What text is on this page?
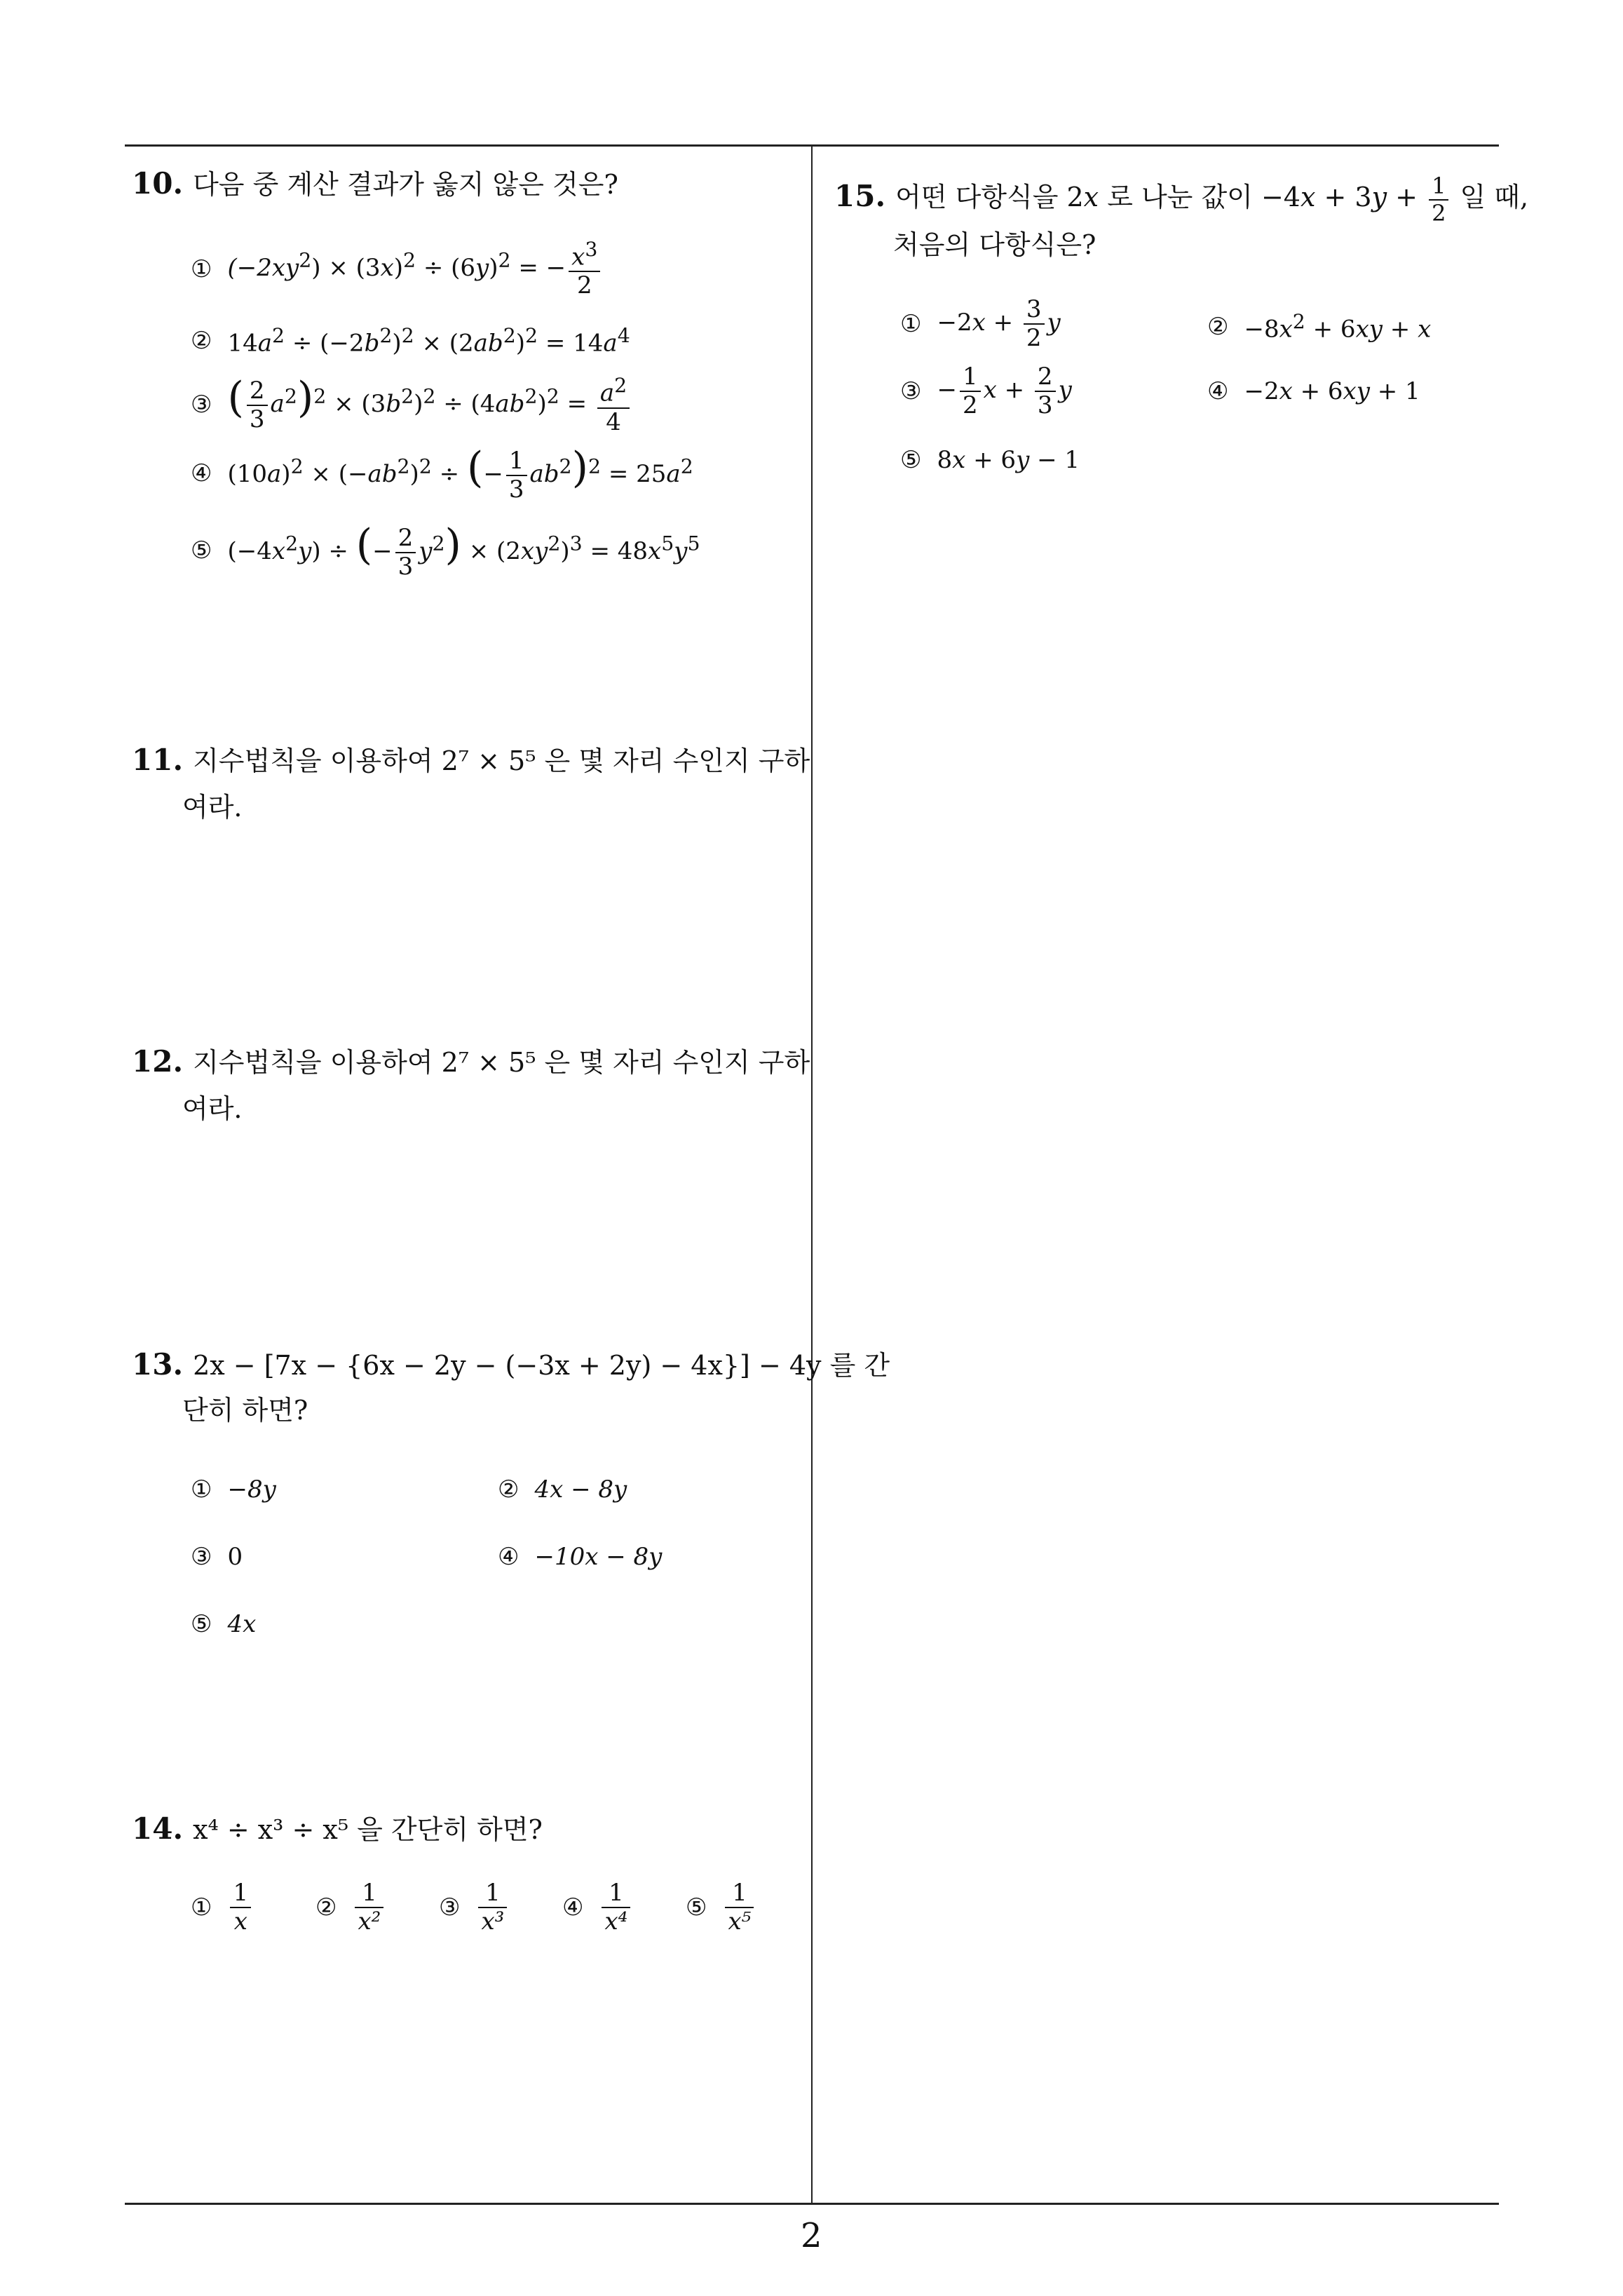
2
10. 다음 중 계산 결과가 옳지 않은 것은?
① $(-2xy^2) \times (3x)^2 \div (6y)^2$ = − $\frac{x^3}{2}$
② $14a^2 \div (-2b^2)^2 \times (2ab^2)^2 = 14a^4$
③ ( $\frac{2}{3} a^2)^2 \times (3b^2)^2 \div (4ab^2)^2 = \frac{a^2}{4}$
④ $(10a)^2 \times (-ab^2)^2$ ÷ (− $\frac{1}{3} ab^2)^2 = 25a^2$
⑤ $(-4x^2y)$ ÷ (− $\frac{2}{3} y^2) \times (2xy^2)^3 = 48x^5y^5$
11. 지수법칙을 이용하여 2⁷ × 5⁵ 은 몇 자리 수인지 구하
여라.
12. 지수법칙을 이용하여 2⁷ × 5⁵ 은 몇 자리 수인지 구하
여라.
13. 2x − [7x − {6x − 2y − (−3x + 2y) − 4x}] − 4y 를 간
단히 하면?
① −8y	② 4x − 8y
③ 0	④ −10x − 8y
⑤ 4x
14. x⁴ ÷ x³ ÷ x⁵ 을 간단히 하면?
① $\frac{1}{x}$	② $\frac{1}{\text{x²}}$ ③ $\frac{1}{\text{x³}}$ ④ $\frac{1}{\text{x⁴}}$ ⑤ $\frac{1}{\text{x⁵}}$
15. 어떤 다항식을 2x 로 나눈 값이 $-4x + 3y + \frac{1}{2}$ 일 때,
처음의 다항식은?
① $-2x + \frac{3}{2}$ y	② $-8x^2 + 6xy + x$
③ − $\frac{1}{2}$ $x + \frac{2}{3}$ y	④ −2x + 6xy + 1
⑤ 8x + 6y − 1
